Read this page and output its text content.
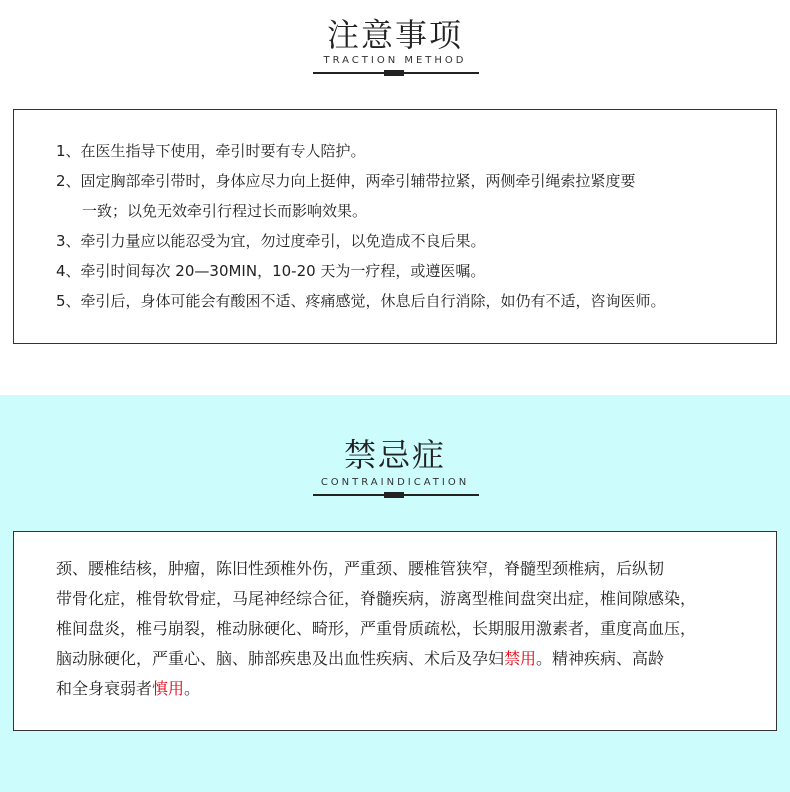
注意事项
TRACTION METHOD
1、在医生指导下使用，牵引时要有专人陪护。
2、固定胸部牵引带时，身体应尽力向上挺伸，两牵引辅带拉紧，两侧牵引绳索拉紧度要
一致；以免无效牵引行程过长而影响效果。
3、牵引力量应以能忍受为宜，勿过度牵引，以免造成不良后果。
4、牵引时间每次 20—30MIN，10-20 天为一疗程，或遵医嘱。
5、牵引后，身体可能会有酸困不适、疼痛感觉，休息后自行消除，如仍有不适，咨询医师。
禁忌症
CONTRAINDICATION
颈、腰椎结核，肿瘤，陈旧性颈椎外伤，严重颈、腰椎管狭窄，脊髓型颈椎病，后纵韧
带骨化症，椎骨软骨症，马尾神经综合征，脊髓疾病，游离型椎间盘突出症，椎间隙感染，
椎间盘炎，椎弓崩裂，椎动脉硬化、畸形，严重骨质疏松，长期服用激素者，重度高血压，
脑动脉硬化，严重心、脑、肺部疾患及出血性疾病、术后及孕妇禁用。精神疾病、高龄
和全身衰弱者慎用。
